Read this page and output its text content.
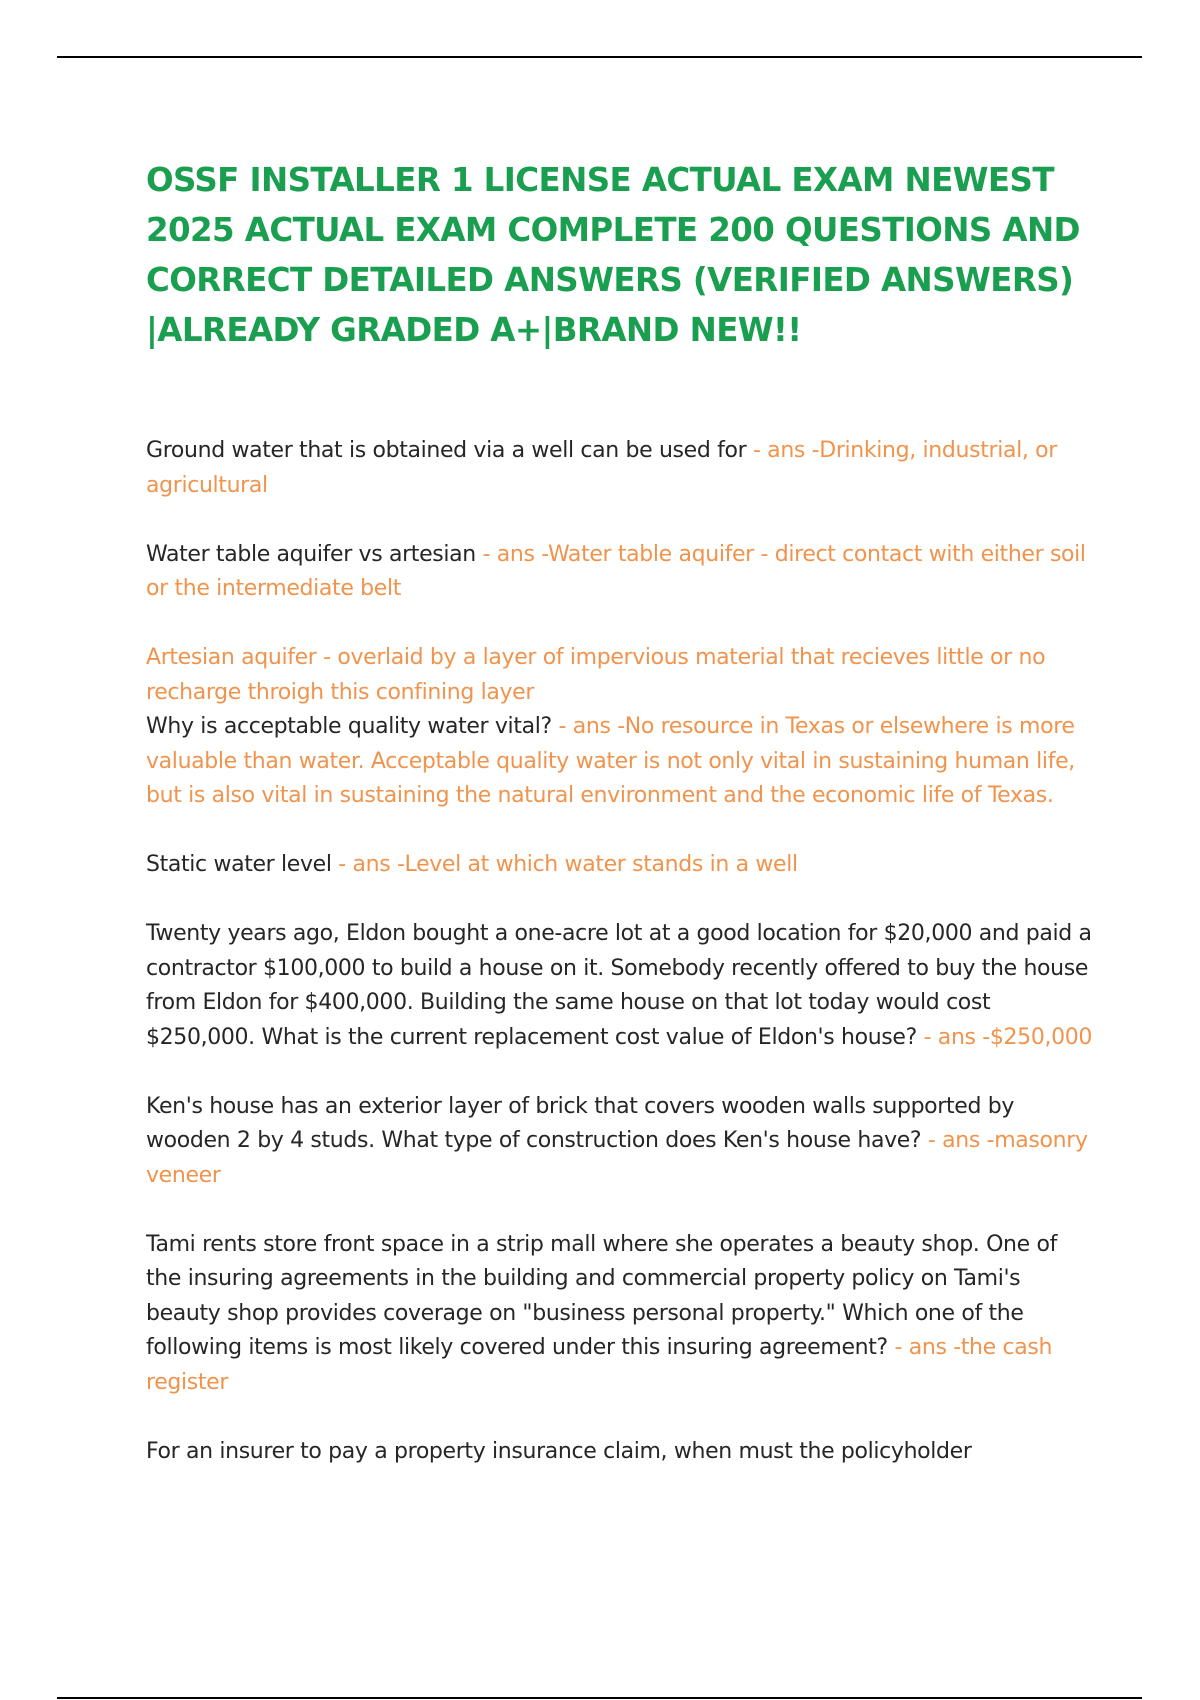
OSSF INSTALLER 1 LICENSE ACTUAL EXAM NEWEST 2025 ACTUAL EXAM COMPLETE 200 QUESTIONS AND CORRECT DETAILED ANSWERS (VERIFIED ANSWERS) |ALREADY GRADED A+|BRAND NEW!!

Ground water that is obtained via a well can be used for - ans -Drinking, industrial, or agricultural

Water table aquifer vs artesian - ans -Water table aquifer - direct contact with either soil or the intermediate belt

Artesian aquifer - overlaid by a layer of impervious material that recieves little or no recharge throigh this confining layer

Why is acceptable quality water vital? - ans -No resource in Texas or elsewhere is more valuable than water. Acceptable quality water is not only vital in sustaining human life, but is also vital in sustaining the natural environment and the economic life of Texas.

Static water level - ans -Level at which water stands in a well

Twenty years ago, Eldon bought a one-acre lot at a good location for $20,000 and paid a contractor $100,000 to build a house on it. Somebody recently offered to buy the house from Eldon for $400,000. Building the same house on that lot today would cost $250,000. What is the current replacement cost value of Eldon's house? - ans -$250,000

Ken's house has an exterior layer of brick that covers wooden walls supported by wooden 2 by 4 studs. What type of construction does Ken's house have? - ans -masonry veneer

Tami rents store front space in a strip mall where she operates a beauty shop. One of the insuring agreements in the building and commercial property policy on Tami's beauty shop provides coverage on "business personal property." Which one of the following items is most likely covered under this insuring agreement? - ans -the cash register

For an insurer to pay a property insurance claim, when must the policyholder
